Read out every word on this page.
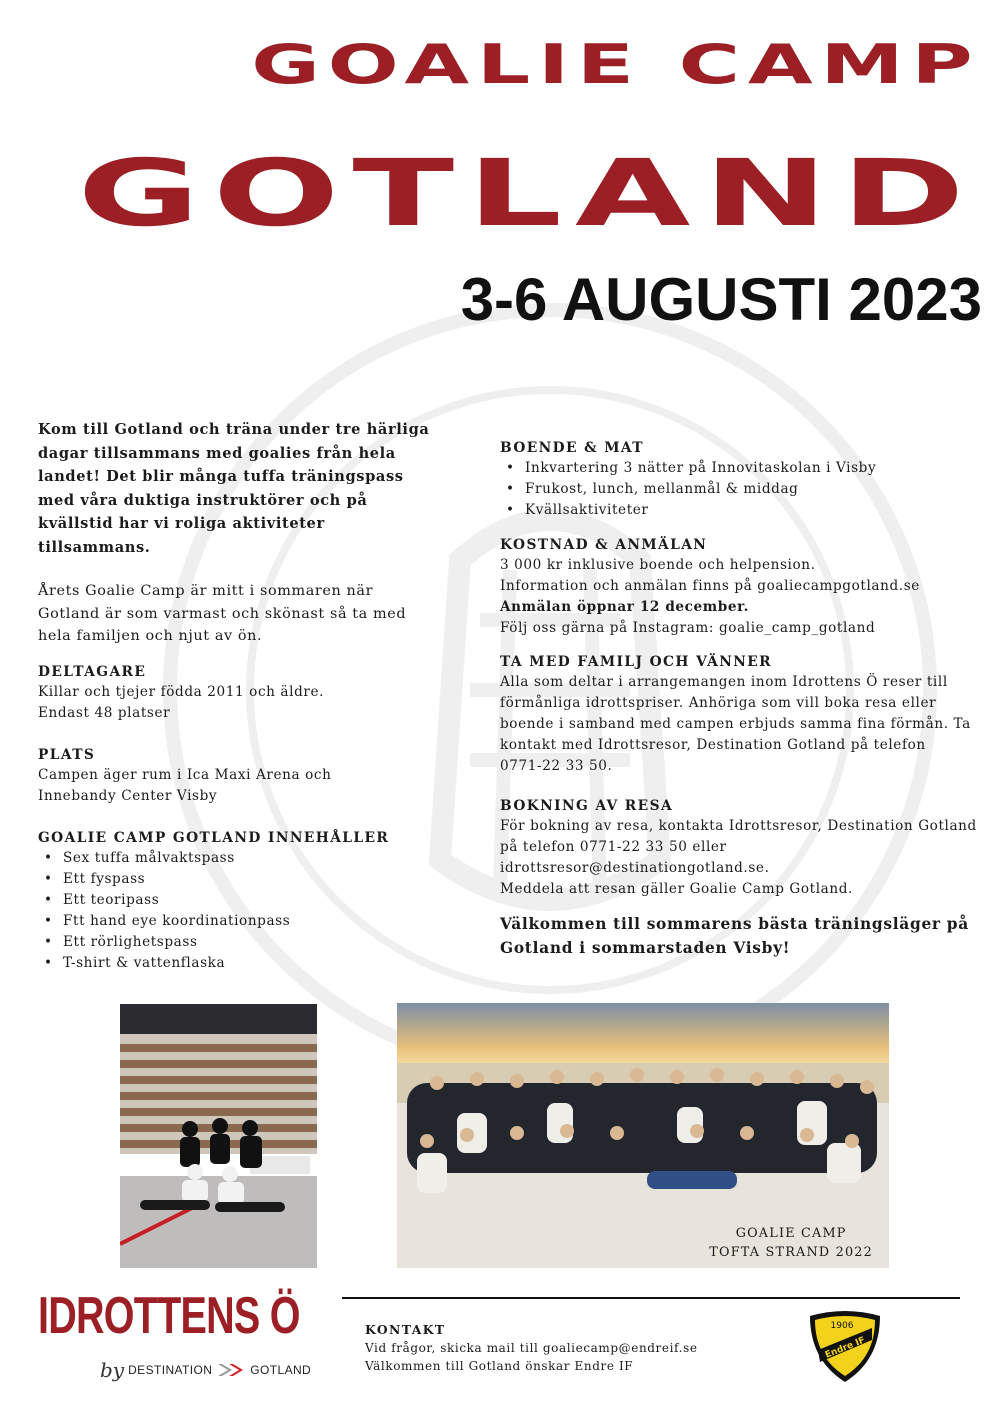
GOALIE CAMP
GOTLAND
3-6 AUGUSTI 2023

Kom till Gotland och träna under tre härliga dagar tillsammans med goalies från hela landet! Det blir många tuffa träningspass med våra duktiga instruktörer och på kvällstid har vi roliga aktiviteter tillsammans.

Årets Goalie Camp är mitt i sommaren när Gotland är som varmast och skönast så ta med hela familjen och njut av ön.

DELTAGARE
Killar och tjejer födda 2011 och äldre.
Endast 48 platser
PLATS
Campen äger rum i Ica Maxi Arena och
Innebandy Center Visby
GOALIE CAMP GOTLAND INNEHÅLLER
• Sex tuffa målvaktspass
• Ett fyspass
• Ett teoripass
• Ftt hand eye koordinationpass
• Ett rörlighetspass
• T-shirt & vattenflaska
BOENDE & MAT
• Inkvartering 3 nätter på Innovitaskolan i Visby
• Frukost, lunch, mellanmål & middag
• Kvällsaktiviteter
KOSTNAD & ANMÄLAN
3 000 kr inklusive boende och helpension.
Information och anmälan finns på goaliecampgotland.se
Anmälan öppnar 12 december.
Följ oss gärna på Instagram: goalie_camp_gotland
TA MED FAMILJ OCH VÄNNER
Alla som deltar i arrangemangen inom Idrottens Ö reser till
förmånliga idrottspriser. Anhöriga som vill boka resa eller
boende i samband med campen erbjuds samma fina förmån. Ta
kontakt med Idrottsresor, Destination Gotland på telefon
0771-22 33 50.
BOKNING AV RESA
För bokning av resa, kontakta Idrottsresor, Destination Gotland
på telefon 0771-22 33 50 eller
idrottsresor@destinationgotland.se.
Meddela att resan gäller Goalie Camp Gotland.

Välkommen till sommarens bästa träningsläger på Gotland i sommarstaden Visby!

GOALIE CAMP
TOFTA STRAND 2022
IDROTTENS Ö
by DESTINATION	GOTLAND
KONTAKT
Vid frågor, skicka mail till goaliecamp@endreif.se
Välkommen till Gotland önskar Endre IF
1906
Endre IF
